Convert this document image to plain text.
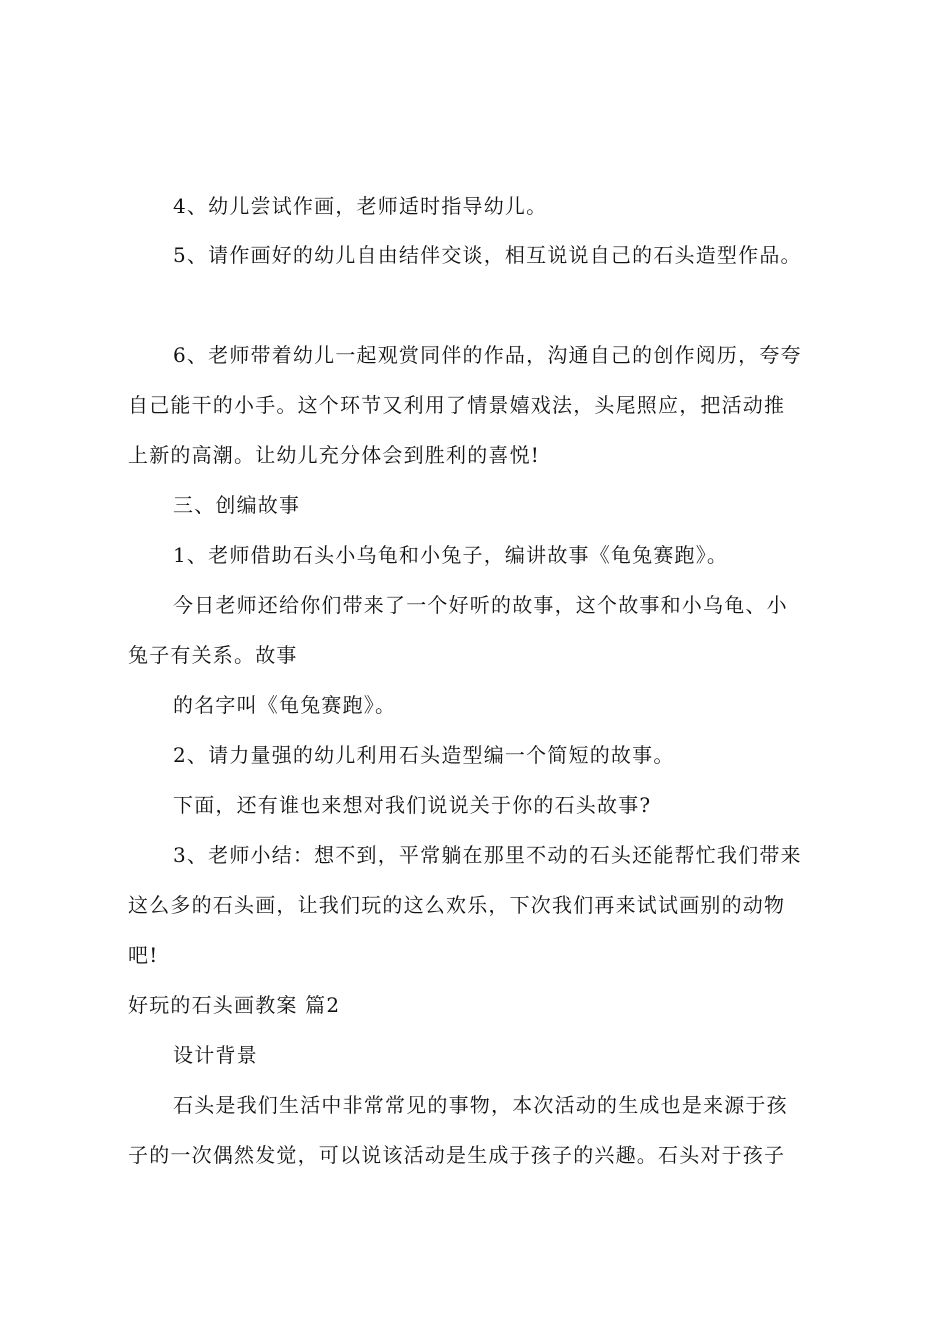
4、幼儿尝试作画，老师适时指导幼儿。
5、请作画好的幼儿自由结伴交谈，相互说说自己的石头造型作品。
6、老师带着幼儿一起观赏同伴的作品，沟通自己的创作阅历，夸夸
自己能干的小手。这个环节又利用了情景嬉戏法，头尾照应，把活动推
上新的高潮。让幼儿充分体会到胜利的喜悦!
三、创编故事
1、老师借助石头小乌龟和小兔子，编讲故事《龟兔赛跑》。
今日老师还给你们带来了一个好听的故事，这个故事和小乌龟、小
兔子有关系。故事
的名字叫《龟兔赛跑》。
2、请力量强的幼儿利用石头造型编一个简短的故事。
下面，还有谁也来想对我们说说关于你的石头故事?
3、老师小结：想不到，平常躺在那里不动的石头还能帮忙我们带来
这么多的石头画，让我们玩的这么欢乐，下次我们再来试试画别的动物
吧!
好玩的石头画教案 篇2
设计背景
石头是我们生活中非常常见的事物，本次活动的生成也是来源于孩
子的一次偶然发觉，可以说该活动是生成于孩子的兴趣。石头对于孩子
